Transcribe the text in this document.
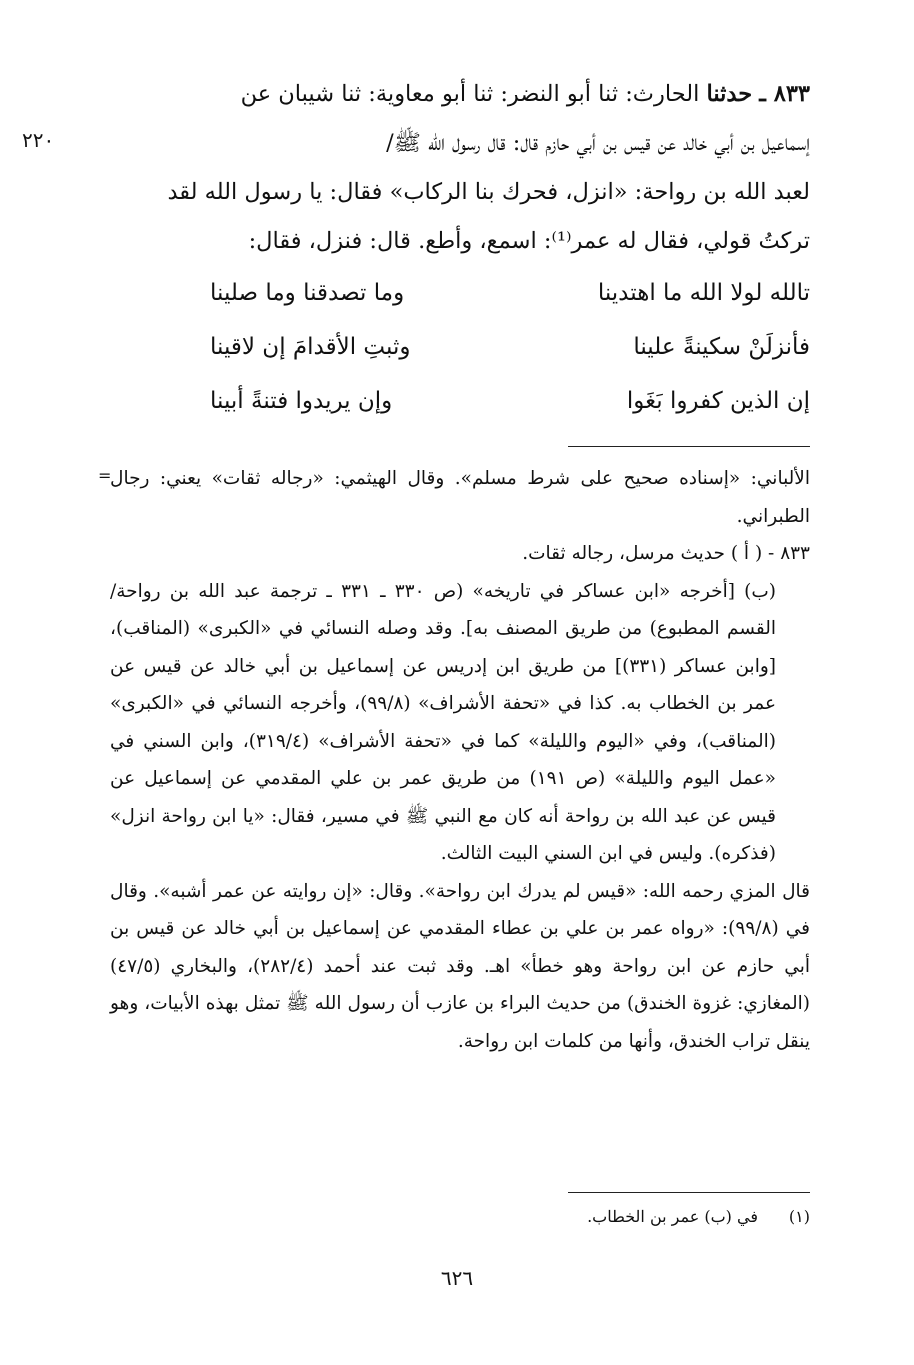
٨٣٣ ـ حدثنا الحارث: ثنا أبو النضر: ثنا أبو معاوية: ثنا شيبان عن

إسماعيل بن أبي خالد عن قيس بن أبي حازم قال: قال رسول الله ﷺ/

لعبد الله بن رواحة: «انزل، فحرك بنا الركاب» فقال: يا رسول الله لقد

تركتُ قولي، فقال له عمر⁽¹⁾: اسمع، وأطع. قال: فنزل، فقال:

٢٢٠
تالله لولا الله ما اهتدينا
وما تصدقنا وما صلينا
فأنزلَنْ سكينةً علينا
وثبتِ الأقدامَ إن لاقينا
إن الذين كفروا بَغَوا
وإن يريدوا فتنةً أبينا
=

الألباني: «إسناده صحيح على شرط مسلم». وقال الهيثمي: «رجاله ثقات» يعني: رجال الطبراني.

٨٣٣ - ( أ ) حديث مرسل، رجاله ثقات.

(ب) [أخرجه «ابن عساكر في تاريخه» (ص ٣٣٠ ـ ٣٣١ ـ ترجمة عبد الله بن رواحة/ القسم المطبوع) من طريق المصنف به]. وقد وصله النسائي في «الكبرى» (المناقب)، [وابن عساكر (٣٣١)] من طريق ابن إدريس عن إسماعيل بن أبي خالد عن قيس عن عمر بن الخطاب به. كذا في «تحفة الأشراف» (٩٩/٨)، وأخرجه النسائي في «الكبرى» (المناقب)، وفي «اليوم والليلة» كما في «تحفة الأشراف» (٣١٩/٤)، وابن السني في «عمل اليوم والليلة» (ص ١٩١) من طريق عمر بن علي المقدمي عن إسماعيل عن قيس عن عبد الله بن رواحة أنه كان مع النبي ﷺ في مسير، فقال: «يا ابن رواحة انزل» (فذكره). وليس في ابن السني البيت الثالث.

قال المزي رحمه الله: «قيس لم يدرك ابن رواحة». وقال: «إن روايته عن عمر أشبه». وقال في (٩٩/٨): «رواه عمر بن علي بن عطاء المقدمي عن إسماعيل بن أبي خالد عن قيس بن أبي حازم عن ابن رواحة وهو خطأ» اهـ. وقد ثبت عند أحمد (٢٨٢/٤)، والبخاري (٤٧/٥) (المغازي: غزوة الخندق) من حديث البراء بن عازب أن رسول الله ﷺ تمثل بهذه الأبيات، وهو ينقل تراب الخندق، وأنها من كلمات ابن رواحة.

(١)في (ب) عمر بن الخطاب.
٦٢٦
